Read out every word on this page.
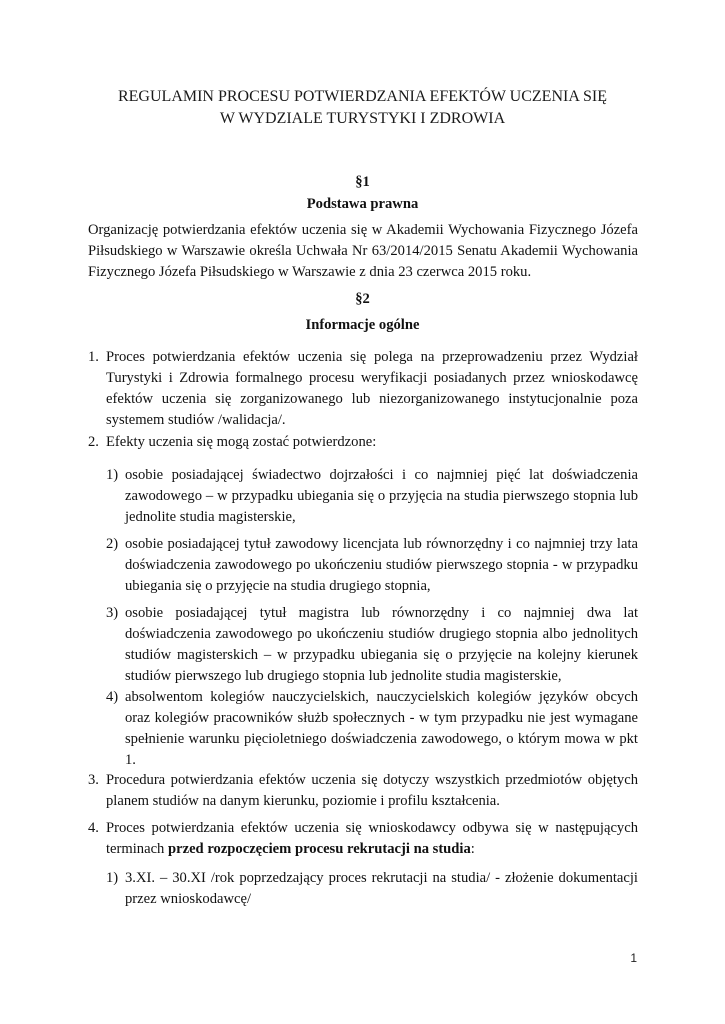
REGULAMIN PROCESU POTWIERDZANIA EFEKTÓW UCZENIA SIĘ
W WYDZIALE TURYSTYKI I ZDROWIA
§1
Podstawa prawna
Organizację potwierdzania efektów uczenia się w Akademii Wychowania Fizycznego Józefa Piłsudskiego w Warszawie określa Uchwała Nr 63/2014/2015 Senatu Akademii Wychowania Fizycznego Józefa Piłsudskiego w Warszawie z dnia 23 czerwca 2015 roku.
§2
Informacje ogólne
1. Proces potwierdzania efektów uczenia się polega na przeprowadzeniu przez Wydział Turystyki i Zdrowia formalnego procesu weryfikacji posiadanych przez wnioskodawcę efektów uczenia się zorganizowanego lub niezorganizowanego instytucjonalnie poza systemem studiów /walidacja/.
2. Efekty uczenia się mogą zostać potwierdzone:
1) osobie posiadającej świadectwo dojrzałości i co najmniej pięć lat doświadczenia zawodowego – w przypadku ubiegania się o przyjęcia na studia pierwszego stopnia lub jednolite studia magisterskie,
2) osobie posiadającej tytuł zawodowy licencjata lub równorzędny i co najmniej trzy lata doświadczenia zawodowego po ukończeniu studiów pierwszego stopnia - w przypadku ubiegania się o przyjęcie na studia drugiego stopnia,
3) osobie posiadającej tytuł magistra lub równorzędny i co najmniej dwa lat doświadczenia zawodowego po ukończeniu studiów drugiego stopnia albo jednolitych studiów magisterskich – w przypadku ubiegania się o przyjęcie na kolejny kierunek studiów pierwszego lub drugiego stopnia lub jednolite studia magisterskie,
4) absolwentom kolegiów nauczycielskich, nauczycielskich kolegiów języków obcych oraz kolegiów pracowników służb społecznych - w tym przypadku nie jest wymagane spełnienie warunku pięcioletniego doświadczenia zawodowego, o którym mowa w pkt 1.
3. Procedura potwierdzania efektów uczenia się dotyczy wszystkich przedmiotów objętych planem studiów na danym kierunku, poziomie i profilu kształcenia.
4. Proces potwierdzania efektów uczenia się wnioskodawcy odbywa się w następujących terminach przed rozpoczęciem procesu rekrutacji na studia:
1) 3.XI. – 30.XI /rok poprzedzający proces rekrutacji na studia/ - złożenie dokumentacji przez wnioskodawcę/
1
